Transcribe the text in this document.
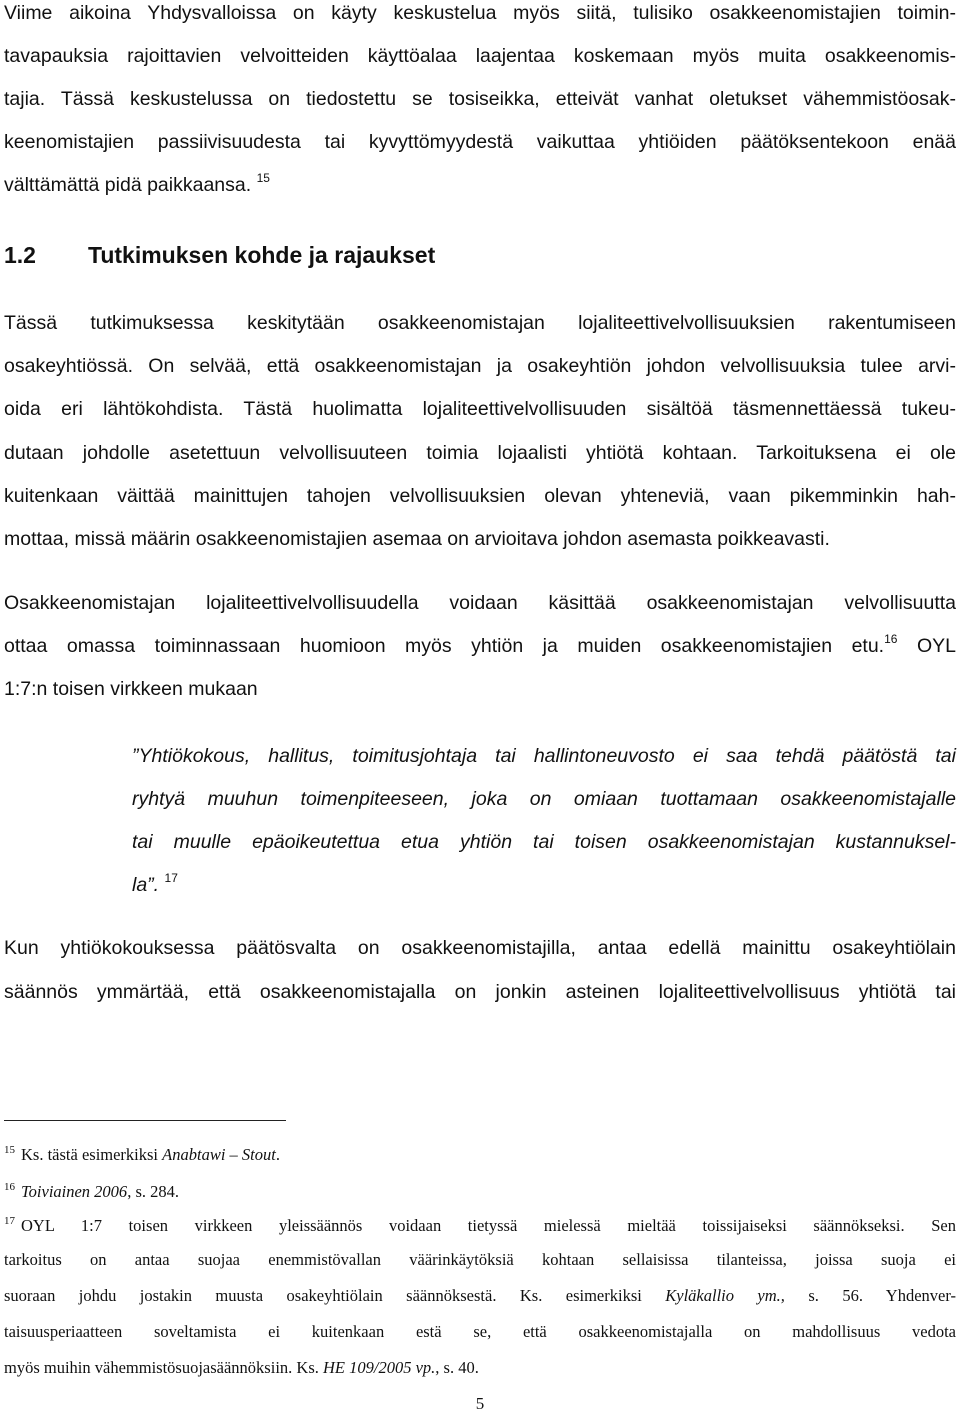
Viime aikoina Yhdysvalloissa on käyty keskustelua myös siitä, tulisiko osakkeenomistajien toimin-
tavapauksia rajoittavien velvoitteiden käyttöalaa laajentaa koskemaan myös muita osakkeenomis-
tajia. Tässä keskustelussa on tiedostettu se tosiseikka, etteivät vanhat oletukset vähemmistöosak-
keenomistajien passiivisuudesta tai kyvyttömyydestä vaikuttaa yhtiöiden päätöksentekoon enää
välttämättä pidä paikkaansa. $^{15}$
1.2 Tutkimuksen kohde ja rajaukset
Tässä tutkimuksessa keskitytään osakkeenomistajan lojaliteettivelvollisuuksien rakentumiseen
osakeyhtiössä. On selvää, että osakkeenomistajan ja osakeyhtiön johdon velvollisuuksia tulee arvi-
oida eri lähtökohdista. Tästä huolimatta lojaliteettivelvollisuuden sisältöä täsmennettäessä tukeu-
dutaan johdolle asetettuun velvollisuuteen toimia lojaalisti yhtiötä kohtaan. Tarkoituksena ei ole
kuitenkaan väittää mainittujen tahojen velvollisuuksien olevan yhteneviä, vaan pikemminkin hah-
mottaa, missä määrin osakkeenomistajien asemaa on arvioitava johdon asemasta poikkeavasti.
Osakkeenomistajan lojaliteettivelvollisuudella voidaan käsittää osakkeenomistajan velvollisuutta
ottaa omassa toiminnassaan huomioon myös yhtiön ja muiden osakkeenomistajien etu.$^{16}$ OYL
1:7:n toisen virkkeen mukaan
”Yhtiökokous, hallitus, toimitusjohtaja tai hallintoneuvosto ei saa tehdä päätöstä tai
ryhtyä muuhun toimenpiteeseen, joka on omiaan tuottamaan osakkeenomistajalle
tai muulle epäoikeutettua etua yhtiön tai toisen osakkeenomistajan kustannuksel-
la”. $^{17}$
Kun yhtiökokouksessa päätösvalta on osakkeenomistajilla, antaa edellä mainittu osakeyhtiölain
säännös ymmärtää, että osakkeenomistajalla on jonkin asteinen lojaliteettivelvollisuus yhtiötä tai
15 Ks. tästä esimerkiksi Anabtawi – Stout.
16 Toiviainen 2006, s. 284.
17 OYL 1:7 toisen virkkeen yleissäännös voidaan tietyssä mielessä mieltää toissijaiseksi säännökseksi. Sen
tarkoitus on antaa suojaa enemmistövallan väärinkäytöksiä kohtaan sellaisissa tilanteissa, joissa suoja ei
suoraan johdu jostakin muusta osakeyhtiölain säännöksestä. Ks. esimerkiksi Kyläkallio ym., s. 56. Yhdenver-
taisuusperiaatteen soveltamista ei kuitenkaan estä se, että osakkeenomistajalla on mahdollisuus vedota
myös muihin vähemmistösuojasäännöksiin. Ks. HE 109/2005 vp., s. 40.
5
